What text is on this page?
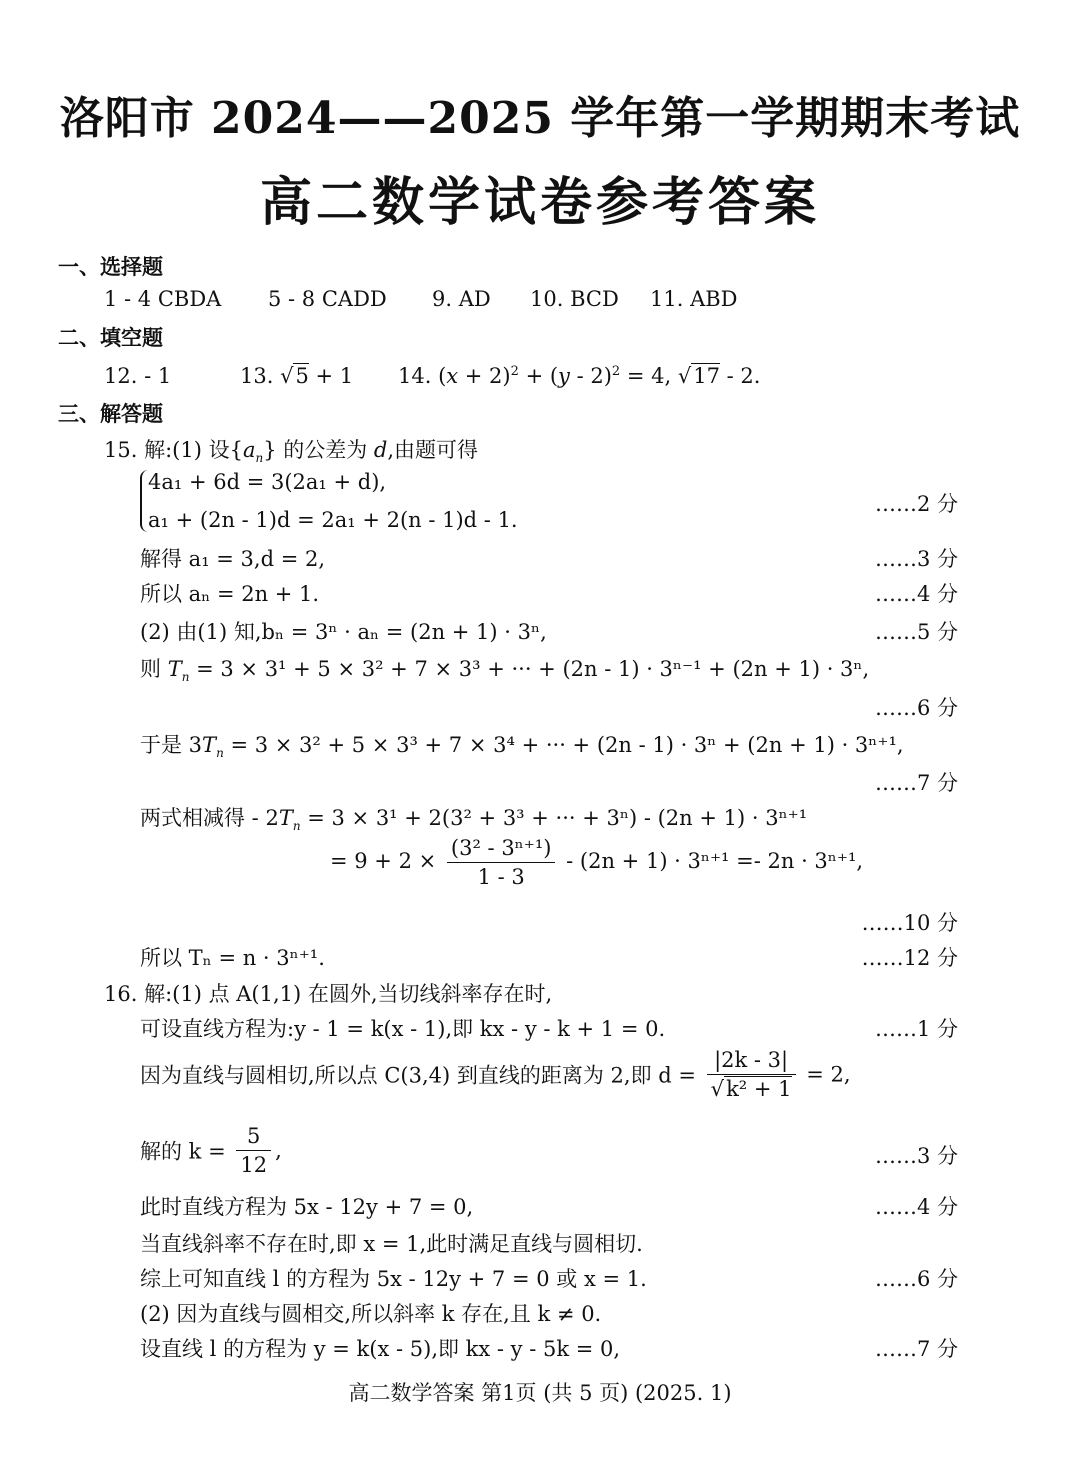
洛阳市 2024——2025 学年第一学期期末考试
高二数学试卷参考答案
一、选择题
1 - 4 CBDA 5 - 8 CADD 9. AD 10. BCD 11. ABD
二、填空题
12. - 1	13. √5 + 1 14. $(x + 2)^2 + (y - 2)^2 = 4$, √17 - 2.
三、解答题
15. 解:(1) 设$\{a_n\}$ 的公差为 d,由题可得
4a₁ + 6d = 3(2a₁ + d),
a₁ + (2n - 1)d = 2a₁ + 2(n - 1)d - 1.
……2 分
解得 a₁ = 3,d = 2,	……3 分
所以 aₙ = 2n + 1.	……4 分
(2) 由(1) 知,bₙ = 3ⁿ · aₙ = (2n + 1) · 3ⁿ,	……5 分
则 $T_n = 3 \times 3^1 + 5 \times 3^2 + 7 \times 3^3$ + ··· + (2n - 1) · 3ⁿ⁻¹ + (2n + 1) · 3ⁿ,
……6 分
于是 $3T_n = 3 \times 3^2 + 5 \times 3^3 + 7 \times 3^4$ + ··· + (2n - 1) · 3ⁿ + (2n + 1) · 3ⁿ⁺¹,
……7 分
两式相减得 - $2T_n = 3 \times 3^1 + 2(3^2 + 3^3$ + ··· + 3ⁿ) - (2n + 1) · 3ⁿ⁺¹
= $9 + 2 \times \frac{\text{(3² - 3ⁿ⁺¹)}}{1 - 3} - (2n + 1) \cdot 3^{n+1} =- 2n \cdot 3^{n+1}$,
……10 分
所以 Tₙ = n · 3ⁿ⁺¹.	……12 分
16. 解:(1) 点 A(1,1) 在圆外,当切线斜率存在时,
可设直线方程为:y - 1 = k(x - 1),即 kx - y - k + 1 = 0.	……1 分
因为直线与圆相切,所以点 C(3,4) 到直线的距离为 2,即 $d = \frac{|2k - 3|}{\text{√k² + 1}} = 2$,
解的 $k = \frac{5}{12}$ ,	……3 分
此时直线方程为 5x - 12y + 7 = 0,	……4 分
当直线斜率不存在时,即 x = 1,此时满足直线与圆相切.
综上可知直线 l 的方程为 5x - 12y + 7 = 0 或 x = 1.	……6 分
(2) 因为直线与圆相交,所以斜率 k 存在,且 k ≠ 0.
设直线 l 的方程为 y = k(x - 5),即 kx - y - 5k = 0,	……7 分
高二数学答案 第1页 (共 5 页) (2025. 1)
